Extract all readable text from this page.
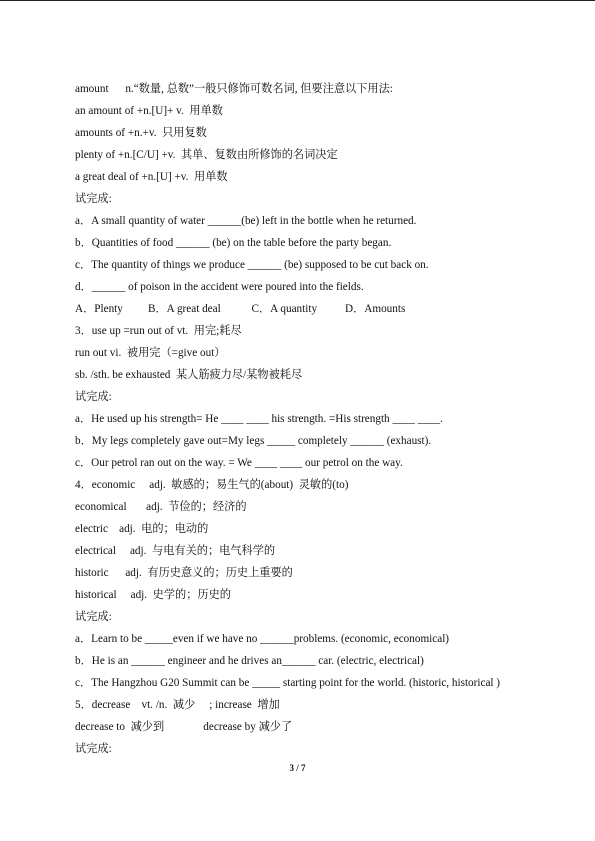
amount      n.“数量, 总数”一般只修饰可数名词, 但要注意以下用法:
an amount of +n.[U]+ v.  用单数
amounts of +n.+v.  只用复数
plenty of +n.[C/U] +v.  其单、复数由所修饰的名词决定
a great deal of +n.[U] +v.  用单数
试完成:
a．A small quantity of water ______(be) left in the bottle when he returned.
b．Quantities of food ______ (be) on the table before the party began.
c．The quantity of things we produce ______ (be) supposed to be cut back on.
d．______ of poison in the accident were poured into the fields.
A．Plenty         B．A great deal           C．A quantity          D．Amounts
3．use up =run out of vt.  用完;耗尽
run out vi.  被用完（=give out）
sb. /sth. be exhausted  某人筋疲力尽/某物被耗尽
试完成:
a．He used up his strength= He ____ ____ his strength. =His strength ____ ____.
b．My legs completely gave out=My legs _____ completely ______ (exhaust).
c．Our petrol ran out on the way. = We ____ ____ our petrol on the way.
4．economic     adj.  敏感的；易生气的(about)  灵敏的(to)
economical       adj.  节俭的；经济的
electric    adj.  电的；电动的
electrical     adj.  与电有关的；电气科学的
historic      adj.  有历史意义的；历史上重要的
historical     adj.  史学的；历史的
试完成:
a．Learn to be _____even if we have no ______problems. (economic, economical)
b．He is an ______ engineer and he drives an______ car. (electric, electrical)
c．The Hangzhou G20 Summit can be _____ starting point for the world. (historic, historical )
5．decrease    vt. /n.  减少     ; increase  增加
decrease to  减少到              decrease by 减少了
试完成:
3 / 7
